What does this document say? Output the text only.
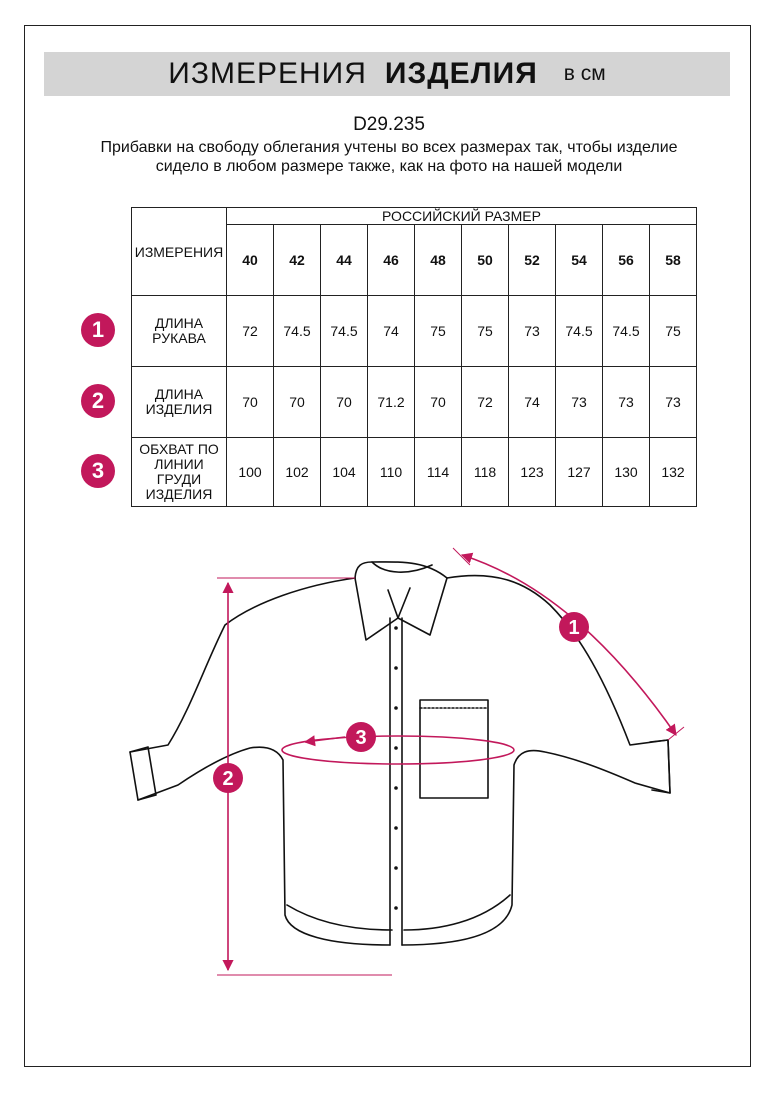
ИЗМЕРЕНИЯ ИЗДЕЛИЯ в см
D29.235
Прибавки на свободу облегания учтены во всех размерах так, чтобы изделие сидело в любом размере также, как на фото на нашей модели
ИЗМЕРЕНИЯ	РОССИЙСКИЙ РАЗМЕР									
	40	42	44	46	48	50	52	54	56	58

ДЛИНА
РУКАВА	72	74.5	74.5	74	75	75	73	74.5	74.5	75

ДЛИНА
ИЗДЕЛИЯ	70	70	70	71.2	70	72	74	73	73	73

ОБХВАТ ПО
ЛИНИИ
ГРУДИ
ИЗДЕЛИЯ	100	102	104	110	114	118	123	127	130	132
1
2
3
1
2
3
